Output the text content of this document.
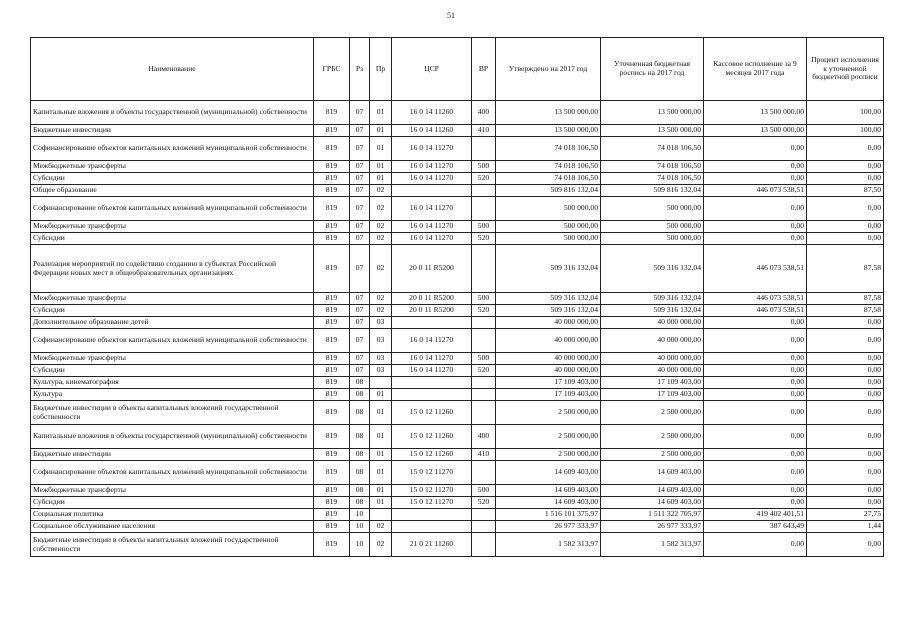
51
Наименование	ГРБС	Рз	Пр	ЦСР	ВР	Утверждено на 2017 год	Уточненная бюджетная роспись на 2017 год	Кассовое исполнение за 9 месяцев 2017 года	Процент исполнения к уточненной бюджетной росписи
Капитальные вложения в объекты государственной (муниципальной) собственности	819	07	01	16 0 14 11260	400	13 500 000,00	13 500 000,00	13 500 000,00	100,00
Бюджетные инвестиции	819	07	01	16 0 14 11260	410	13 500 000,00	13 500 000,00	13 500 000,00	100,00
Софинансирование объектов капитальных вложений муниципальной собственности	819	07	01	16 0 14 11270		74 018 106,50	74 018 106,50	0,00	0,00
Межбюджетные трансферты	819	07	01	16 0 14 11270	500	74 018 106,50	74 018 106,50	0,00	0,00
Субсидии	819	07	01	16 0 14 11270	520	74 018 106,50	74 018 106,50	0,00	0,00
Общее образование	819	07	02			509 816 132,04	509 816 132,04	446 073 538,51	87,50
Софинансирование объектов капитальных вложений муниципальной собственности	819	07	02	16 0 14 11270		500 000,00	500 000,00	0,00	0,00
Межбюджетные трансферты	819	07	02	16 0 14 11270	500	500 000,00	500 000,00	0,00	0,00
Субсидии	819	07	02	16 0 14 11270	520	500 000,00	500 000,00	0,00	0,00
Реализация мероприятий по содействию созданию в субъектах Российской Федерации новых мест в общеобразовательных организациях	819	07	02	20 0 11 R5200		509 316 132,04	509 316 132,04	446 073 538,51	87,58
Межбюджетные трансферты	819	07	02	20 0 11 R5200	500	509 316 132,04	509 316 132,04	446 073 538,51	87,58
Субсидии	819	07	02	20 0 11 R5200	520	509 316 132,04	509 316 132,04	446 073 538,51	87,58
Дополнительное образование детей	819	07	03			40 000 000,00	40 000 000,00	0,00	0,00
Софинансирование объектов капитальных вложений муниципальной собственности	819	07	03	16 0 14 11270		40 000 000,00	40 000 000,00	0,00	0,00
Межбюджетные трансферты	819	07	03	16 0 14 11270	500	40 000 000,00	40 000 000,00	0,00	0,00
Субсидии	819	07	03	16 0 14 11270	520	40 000 000,00	40 000 000,00	0,00	0,00
Культура, кинематография	819	08				17 109 403,00	17 109 403,00	0,00	0,00
Культура	819	08	01			17 109 403,00	17 109 403,00	0,00	0,00
Бюджетные инвестиции в объекты капитальных вложений государственной собственности	819	08	01	15 0 12 11260		2 500 000,00	2 500 000,00	0,00	0,00
Капитальные вложения в объекты государственной (муниципальной) собственности	819	08	01	15 0 12 11260	400	2 500 000,00	2 500 000,00	0,00	0,00
Бюджетные инвестиции	819	08	01	15 0 12 11260	410	2 500 000,00	2 500 000,00	0,00	0,00
Софинансирование объектов капитальных вложений муниципальной собственности	819	08	01	15 0 12 11270		14 609 403,00	14 609 403,00	0,00	0,00
Межбюджетные трансферты	819	08	01	15 0 12 11270	500	14 609 403,00	14 609 403,00	0,00	0,00
Субсидии	819	08	01	15 0 12 11270	520	14 609 403,00	14 609 403,00	0,00	0,00
Социальная политика	819	10				1 516 101 375,97	1 511 322 705,97	419 402 401,51	27,75
Социальное обслуживание населения	819	10	02			26 977 333,97	26 977 333,97	387 643,49	1,44
Бюджетные инвестиции в объекты капитальных вложений государственной собственности	819	10	02	21 0 21 11260		1 582 313,97	1 582 313,97	0,00	0,00
